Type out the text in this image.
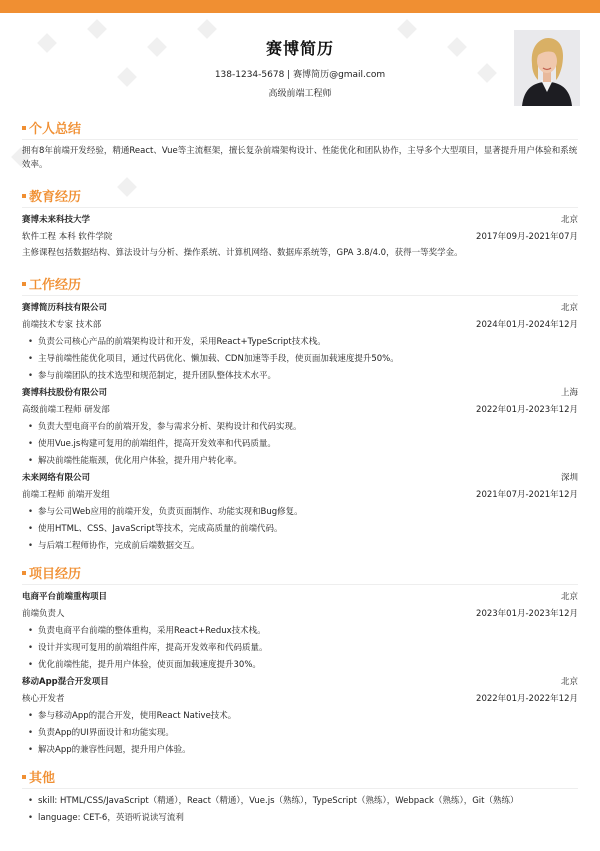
赛博简历
138-1234-5678 | 赛博简历@gmail.com
高级前端工程师
个人总结
拥有8年前端开发经验，精通React、Vue等主流框架，擅长复杂前端架构设计、性能优化和团队协作，主导多个大型项目，显著提升用户体验和系统效率。
教育经历
赛博未来科技大学	北京
软件工程 本科 软件学院	2017年09月-2021年07月
主修课程包括数据结构、算法设计与分析、操作系统、计算机网络、数据库系统等，GPA 3.8/4.0，获得一等奖学金。
工作经历
赛博简历科技有限公司	北京
前端技术专家 技术部	2024年01月-2024年12月
• 负责公司核心产品的前端架构设计和开发，采用React+TypeScript技术栈。
• 主导前端性能优化项目，通过代码优化、懒加载、CDN加速等手段，使页面加载速度提升50%。
• 参与前端团队的技术选型和规范制定，提升团队整体技术水平。
赛博科技股份有限公司	上海
高级前端工程师 研发部	2022年01月-2023年12月
• 负责大型电商平台的前端开发，参与需求分析、架构设计和代码实现。
• 使用Vue.js构建可复用的前端组件，提高开发效率和代码质量。
• 解决前端性能瓶颈，优化用户体验，提升用户转化率。
未来网络有限公司	深圳
前端工程师 前端开发组	2021年07月-2021年12月
• 参与公司Web应用的前端开发，负责页面制作、功能实现和Bug修复。
• 使用HTML、CSS、JavaScript等技术，完成高质量的前端代码。
• 与后端工程师协作，完成前后端数据交互。
项目经历
电商平台前端重构项目	北京
前端负责人	2023年01月-2023年12月
• 负责电商平台前端的整体重构，采用React+Redux技术栈。
• 设计并实现可复用的前端组件库，提高开发效率和代码质量。
• 优化前端性能，提升用户体验，使页面加载速度提升30%。
移动App混合开发项目	北京
核心开发者	2022年01月-2022年12月
• 参与移动App的混合开发，使用React Native技术。
• 负责App的UI界面设计和功能实现。
• 解决App的兼容性问题，提升用户体验。
其他
• skill: HTML/CSS/JavaScript（精通），React（精通），Vue.js（熟练），TypeScript（熟练），Webpack（熟练），Git（熟练）
• language: CET-6，英语听说读写流利
